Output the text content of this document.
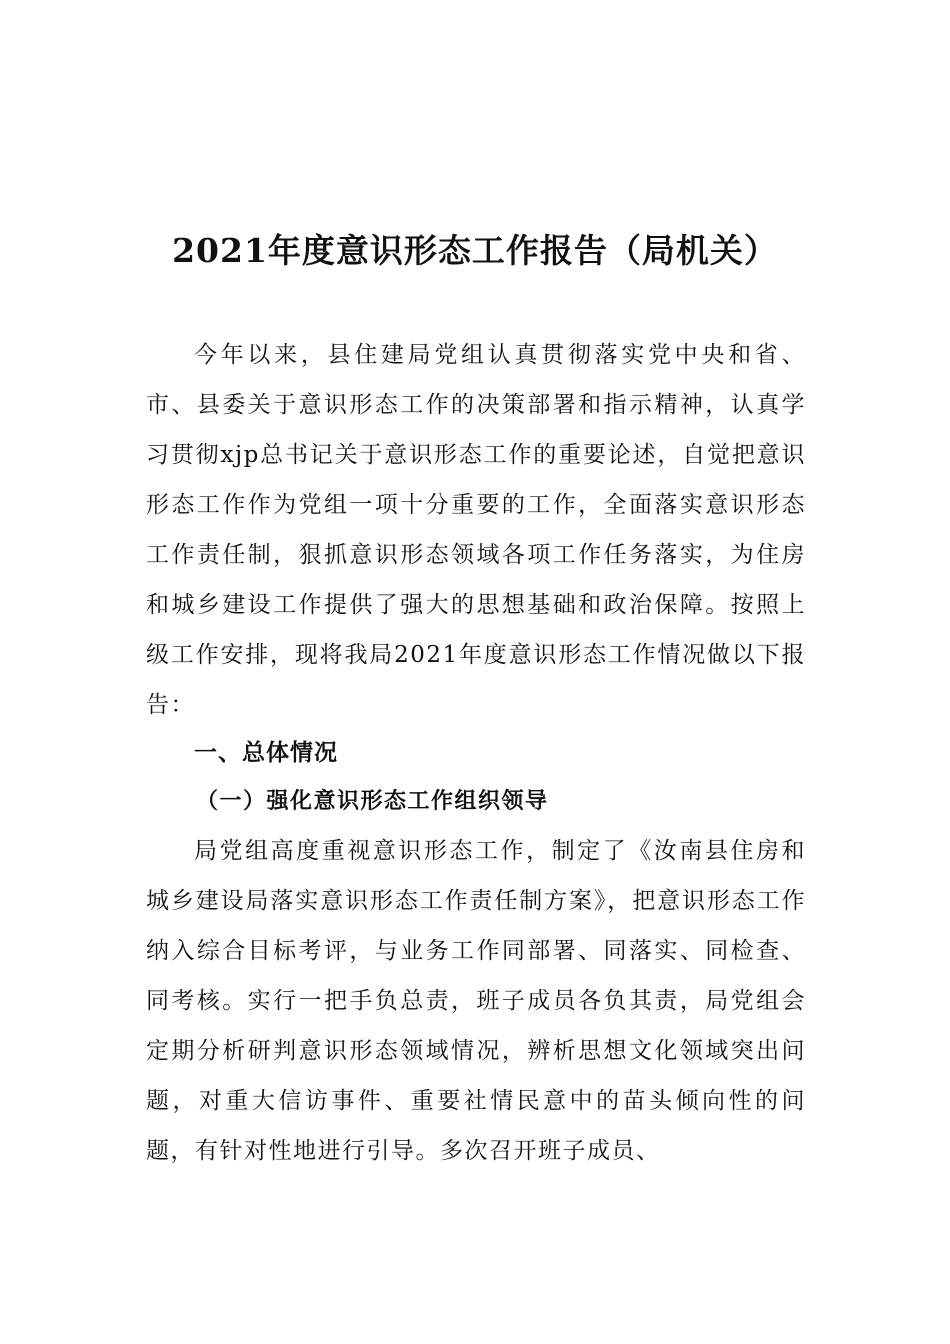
2021年度意识形态工作报告（局机关）

今年以来，县住建局党组认真贯彻落实党中央和省、市、县委关于意识形态工作的决策部署和指示精神，认真学习贯彻xjp总书记关于意识形态工作的重要论述，自觉把意识形态工作作为党组一项十分重要的工作，全面落实意识形态工作责任制，狠抓意识形态领域各项工作任务落实，为住房和城乡建设工作提供了强大的思想基础和政治保障。按照上级工作安排，现将我局2021年度意识形态工作情况做以下报告：

一、总体情况
（一）强化意识形态工作组织领导

局党组高度重视意识形态工作，制定了《汝南县住房和城乡建设局落实意识形态工作责任制方案》，把意识形态工作纳入综合目标考评，与业务工作同部署、同落实、同检查、同考核。实行一把手负总责，班子成员各负其责，局党组会定期分析研判意识形态领域情况，辨析思想文化领域突出问题，对重大信访事件、重要社情民意中的苗头倾向性的问题，有针对性地进行引导。多次召开班子成员、
